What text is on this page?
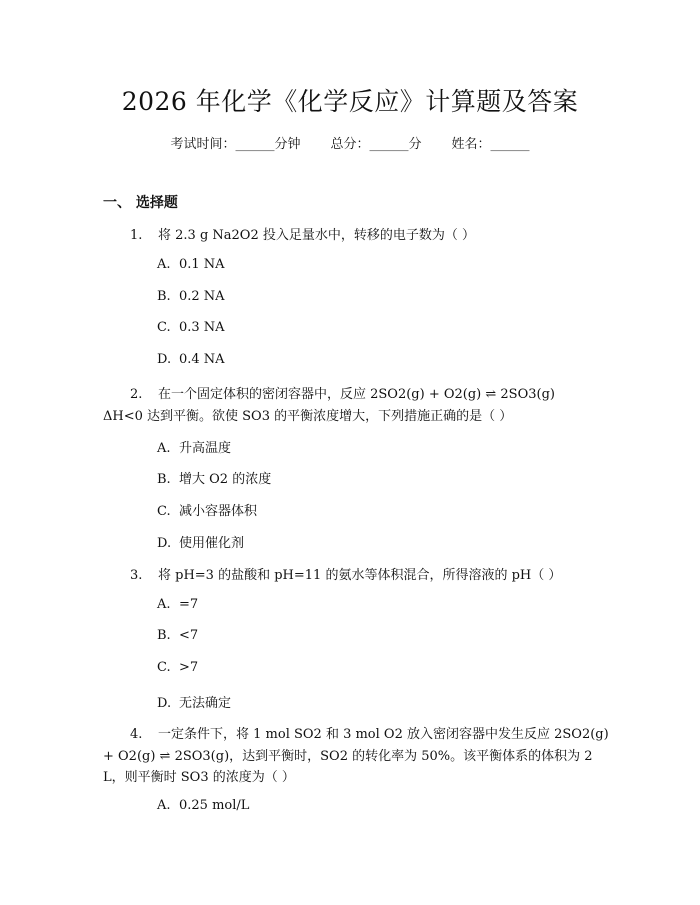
2026 年化学《化学反应》计算题及答案
考试时间：______分钟 总分：______分 姓名：______
一、 选择题
1. 将 2.3 g Na2O2 投入足量水中，转移的电子数为（ ）
A. 0.1 NA
B. 0.2 NA
C. 0.3 NA
D. 0.4 NA
2. 在一个固定体积的密闭容器中，反应 2SO2(g) + O2(g) ⇌ 2SO3(g)
ΔH<0 达到平衡。欲使 SO3 的平衡浓度增大，下列措施正确的是（ ）
A. 升高温度
B. 增大 O2 的浓度
C. 减小容器体积
D. 使用催化剂
3. 将 pH=3 的盐酸和 pH=11 的氨水等体积混合，所得溶液的 pH（ ）
A. =7
B. <7
C. >7
D. 无法确定
4. 一定条件下，将 1 mol SO2 和 3 mol O2 放入密闭容器中发生反应 2SO2(g)
+ O2(g) ⇌ 2SO3(g)，达到平衡时，SO2 的转化率为 50%。该平衡体系的体积为 2
L，则平衡时 SO3 的浓度为（ ）
A. 0.25 mol/L
